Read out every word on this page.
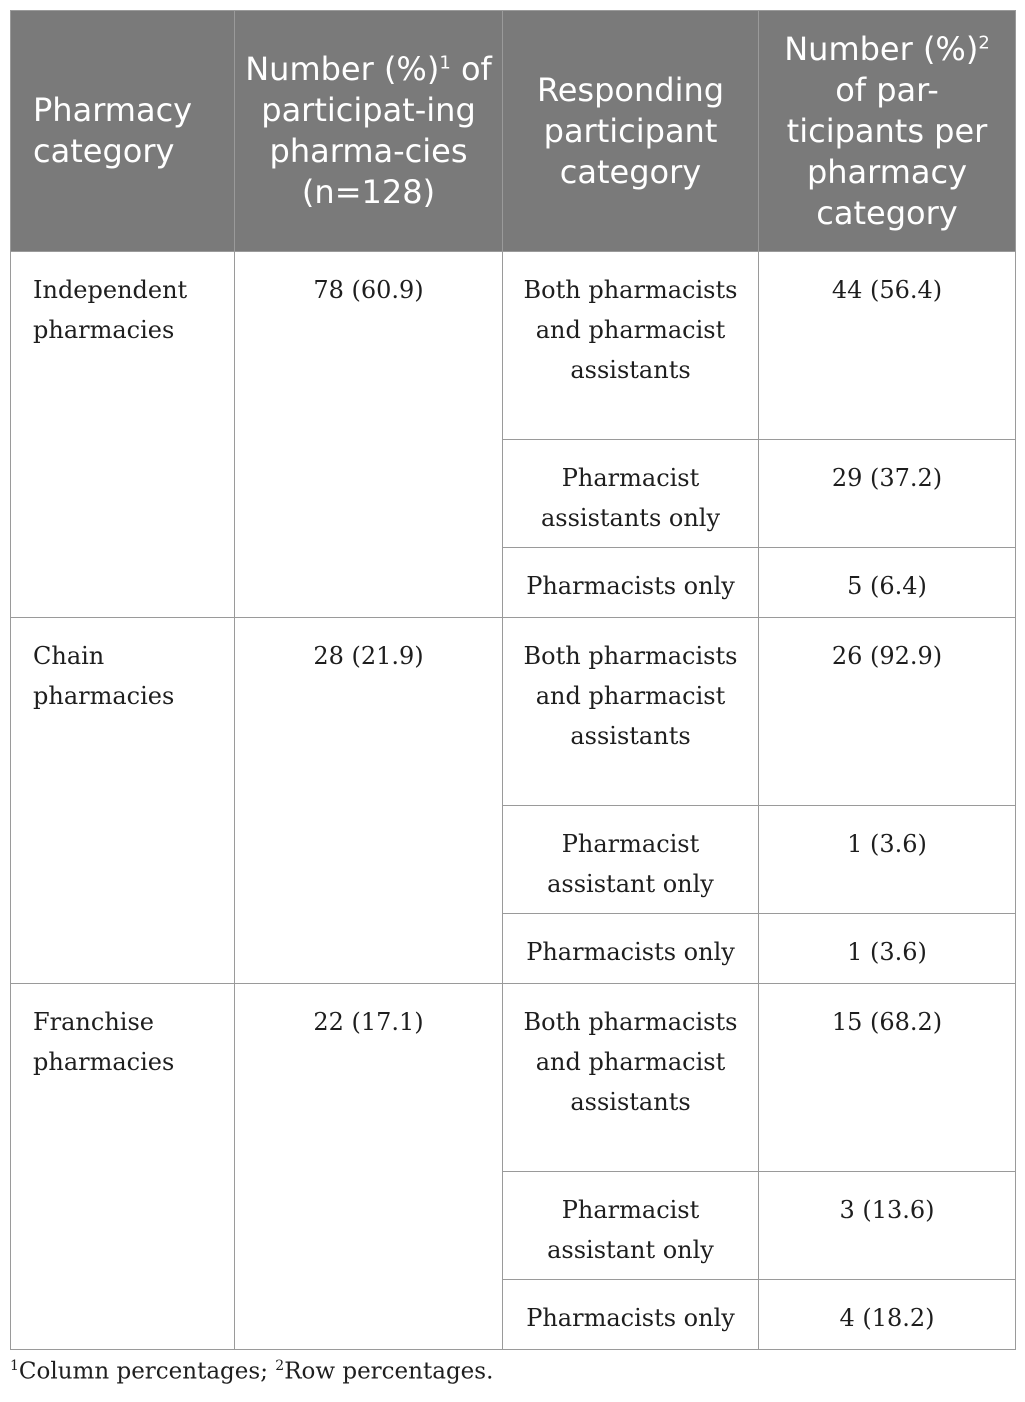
Pharmacy category	Number (%)$^1$ of participat-ing pharma-cies (n=128)	Responding participant category	Number (%)$^2$ of par-ticipants per pharmacy category
Independent pharmacies	78 (60.9)	Both pharmacists and pharmacist assistants	44 (56.4)
		Pharmacist assistants only	29 (37.2)
		Pharmacists only	5 (6.4)
Chain pharmacies	28 (21.9)	Both pharmacists and pharmacist assistants	26 (92.9)
		Pharmacist assistant only	1 (3.6)
		Pharmacists only	1 (3.6)
Franchise pharmacies	22 (17.1)	Both pharmacists and pharmacist assistants	15 (68.2)
		Pharmacist assistant only	3 (13.6)
		Pharmacists only	4 (18.2)
$^1$Column percentages; $^2$Row percentages.
